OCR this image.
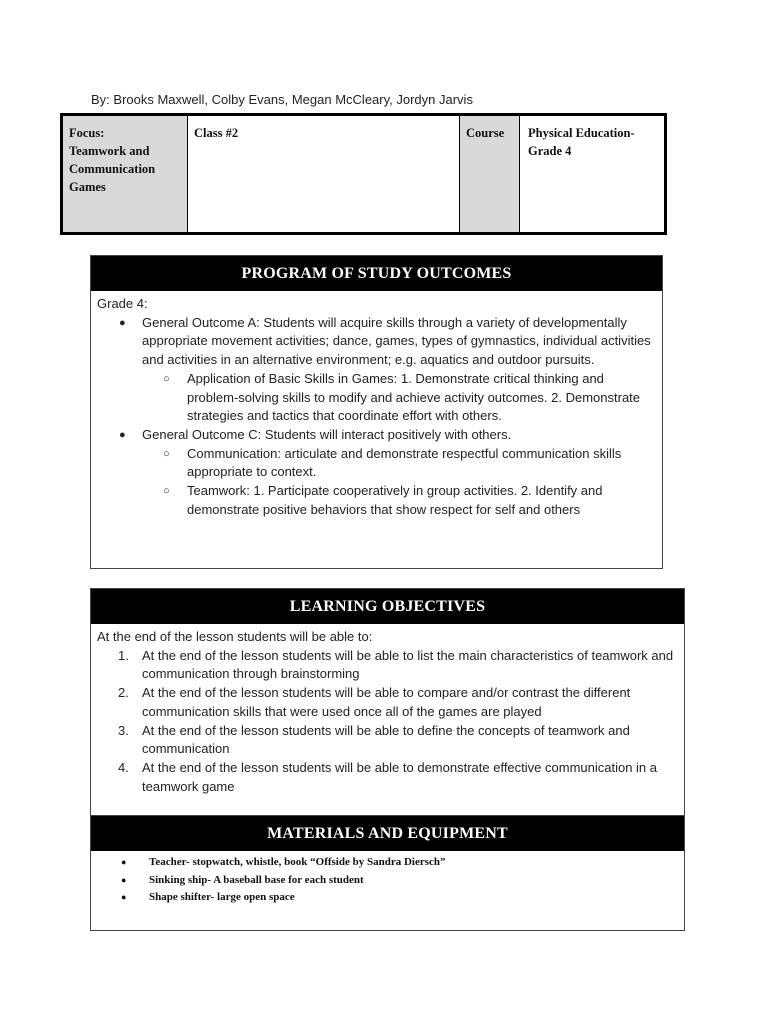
By: Brooks Maxwell, Colby Evans, Megan McCleary, Jordyn Jarvis
Focus:
Teamwork and
Communication
Games
Class #2	Course	Physical Education-
Grade 4
PROGRAM OF STUDY OUTCOMES
Grade 4:
● General Outcome A: Students will acquire skills through a variety of developmentally appropriate movement activities; dance, games, types of gymnastics, individual activities and activities in an alternative environment; e.g. aquatics and outdoor pursuits.
○ Application of Basic Skills in Games: 1. Demonstrate critical thinking and problem-solving skills to modify and achieve activity outcomes. 2. Demonstrate strategies and tactics that coordinate effort with others.
● General Outcome C: Students will interact positively with others.
○ Communication: articulate and demonstrate respectful communication skills appropriate to context.
○ Teamwork: 1. Participate cooperatively in group activities. 2. Identify and demonstrate positive behaviors that show respect for self and others
LEARNING OBJECTIVES
At the end of the lesson students will be able to:
1. At the end of the lesson students will be able to list the main characteristics of teamwork and communication through brainstorming
2. At the end of the lesson students will be able to compare and/or contrast the different communication skills that were used once all of the games are played
3. At the end of the lesson students will be able to define the concepts of teamwork and communication
4. At the end of the lesson students will be able to demonstrate effective communication in a teamwork game
MATERIALS AND EQUIPMENT
● Teacher- stopwatch, whistle, book “Offside by Sandra Diersch”
● Sinking ship- A baseball base for each student
● Shape shifter- large open space
